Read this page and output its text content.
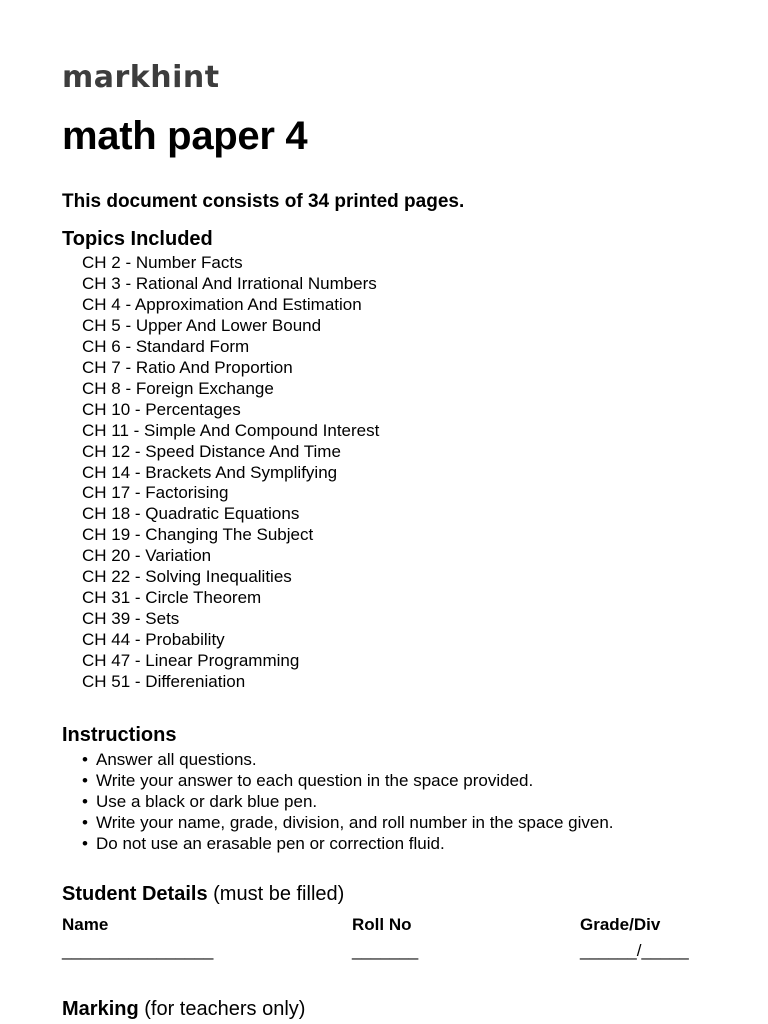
markhint
math paper 4
This document consists of 34 printed pages.
Topics Included
CH 2 - Number Facts
CH 3 - Rational And Irrational Numbers
CH 4 - Approximation And Estimation
CH 5 - Upper And Lower Bound
CH 6 - Standard Form
CH 7 - Ratio And Proportion
CH 8 - Foreign Exchange
CH 10 - Percentages
CH 11 - Simple And Compound Interest
CH 12 - Speed Distance And Time
CH 14 - Brackets And Symplifying
CH 17 - Factorising
CH 18 - Quadratic Equations
CH 19 - Changing The Subject
CH 20 - Variation
CH 22 - Solving Inequalities
CH 31 - Circle Theorem
CH 39 - Sets
CH 44 - Probability
CH 47 - Linear Programming
CH 51 - Differeniation
Instructions
• Answer all questions.
• Write your answer to each question in the space provided.
• Use a black or dark blue pen.
• Write your name, grade, division, and roll number in the space given.
• Do not use an erasable pen or correction fluid.
Student Details (must be filled)
Name
________________
Roll No
_______
Grade/Div
______/_____
Marking (for teachers only)
